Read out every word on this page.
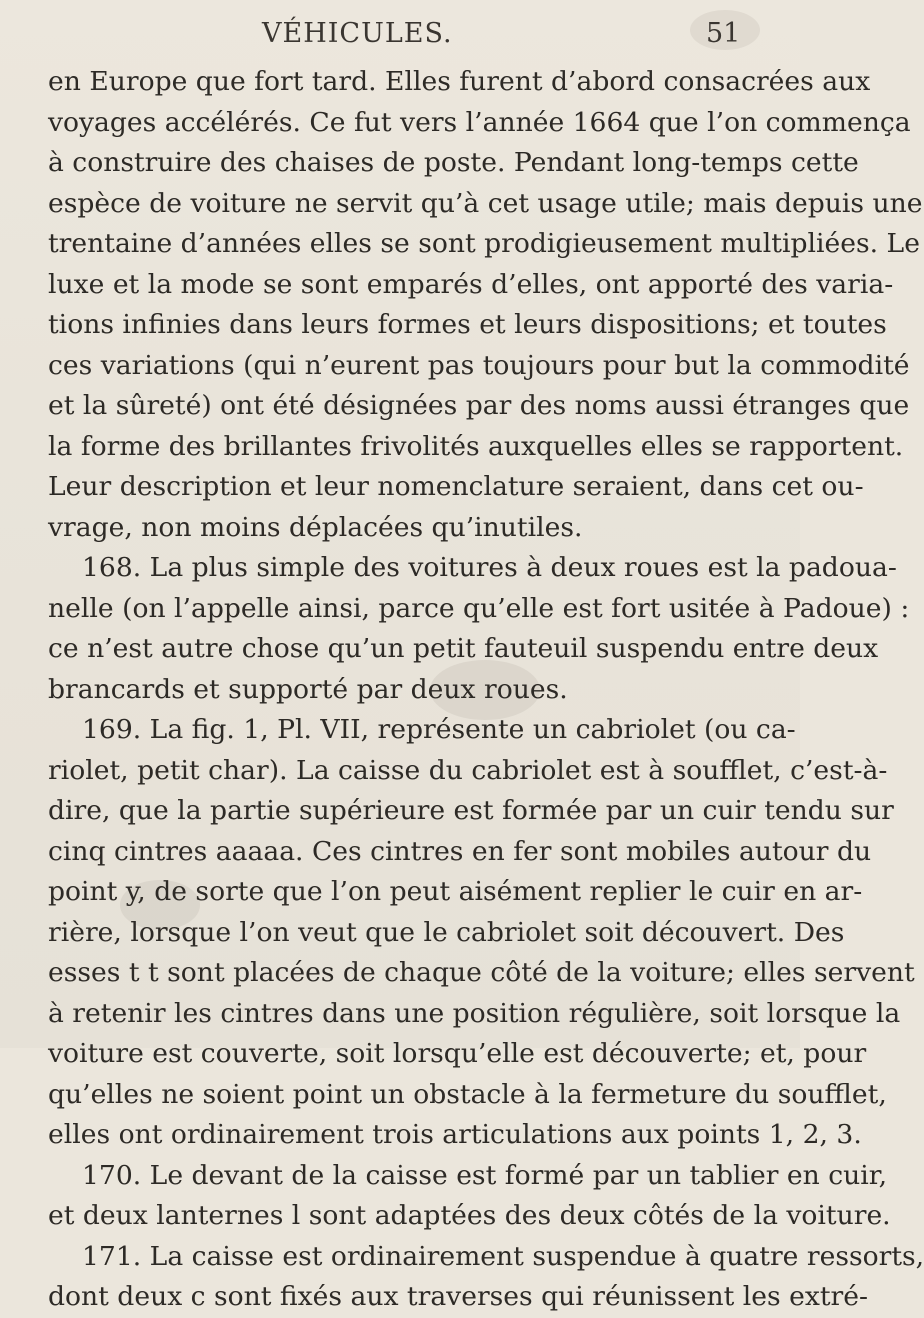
VÉHICULES.	51
en Europe que fort tard. Elles furent d’abord consacrées aux
voyages accélérés. Ce fut vers l’année 1664 que l’on commença
à construire des chaises de poste. Pendant long-temps cette
espèce de voiture ne servit qu’à cet usage utile; mais depuis une
trentaine d’années elles se sont prodigieusement multipliées. Le
luxe et la mode se sont emparés d’elles, ont apporté des varia-
tions infinies dans leurs formes et leurs dispositions; et toutes
ces variations (qui n’eurent pas toujours pour but la commodité
et la sûreté) ont été désignées par des noms aussi étranges que
la forme des brillantes frivolités auxquelles elles se rapportent.
Leur description et leur nomenclature seraient, dans cet ou-
vrage, non moins déplacées qu’inutiles.
168. La plus simple des voitures à deux roues est la padoua-
nelle (on l’appelle ainsi, parce qu’elle est fort usitée à Padoue) :
ce n’est autre chose qu’un petit fauteuil suspendu entre deux
brancards et supporté par deux roues.
169. La fig. 1, Pl. VII, représente un cabriolet (ou ca-
riolet, petit char). La caisse du cabriolet est à soufflet, c’est-à-
dire, que la partie supérieure est formée par un cuir tendu sur
cinq cintres aaaaa. Ces cintres en fer sont mobiles autour du
point y, de sorte que l’on peut aisément replier le cuir en ar-
rière, lorsque l’on veut que le cabriolet soit découvert. Des
esses t t sont placées de chaque côté de la voiture; elles servent
à retenir les cintres dans une position régulière, soit lorsque la
voiture est couverte, soit lorsqu’elle est découverte; et, pour
qu’elles ne soient point un obstacle à la fermeture du soufflet,
elles ont ordinairement trois articulations aux points 1, 2, 3.
170. Le devant de la caisse est formé par un tablier en cuir,
et deux lanternes l sont adaptées des deux côtés de la voiture.
171. La caisse est ordinairement suspendue à quatre ressorts,
dont deux c sont fixés aux traverses qui réunissent les extré-
